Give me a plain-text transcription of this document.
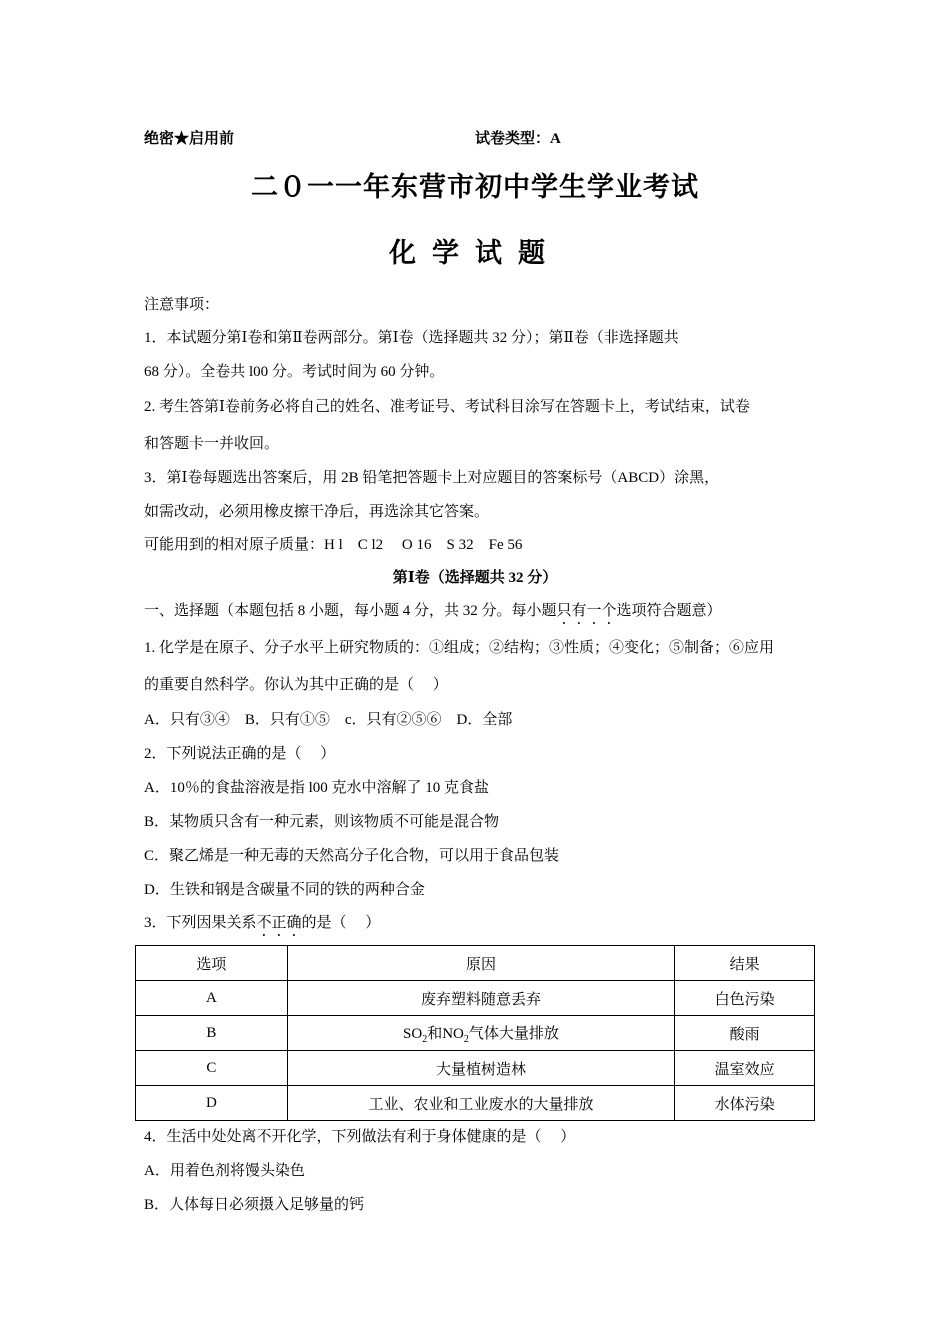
绝密★启用前	试卷类型：A
二０一一年东营市初中学生学业考试
化学试题
注意事项：
1．本试题分第Ⅰ卷和第Ⅱ卷两部分。第Ⅰ卷（选择题共 32 分）；第Ⅱ卷（非选择题共
68 分）。全卷共 l00 分。考试时间为 60 分钟。
2. 考生答第Ⅰ卷前务必将自己的姓名、准考证号、考试科目涂写在答题卡上，考试结束，试卷
和答题卡一并收回。
3．第Ⅰ卷每题选出答案后，用 2B 铅笔把答题卡上对应题目的答案标号（ABCD）涂黑，
如需改动，必须用橡皮擦干净后，再选涂其它答案。
可能用到的相对原子质量：H l　C l2　 O 16　S 32　Fe 56
第Ⅰ卷（选择题共 32 分）
一、选择题（本题包括 8 小题，每小题 4 分，共 32 分。每小题只有一个选项符合题意）
1. 化学是在原子、分子水平上研究物质的：①组成；②结构；③性质；④变化；⑤制备；⑥应用
的重要自然科学。你认为其中正确的是（　 ）
A．只有③④　B．只有①⑤　c．只有②⑤⑥　D．全部
2．下列说法正确的是（　 ）
A．10％的食盐溶液是指 l00 克水中溶解了 10 克食盐
B．某物质只含有一种元素，则该物质不可能是混合物
C．聚乙烯是一种无毒的天然高分子化合物，可以用于食品包装
D．生铁和钢是含碳量不同的铁的两种合金
3．下列因果关系不正确的是（　 ）
选项	原因	结果
A	废弃塑料随意丢弃	白色污染
B	$SO_2$和$NO_2$气体大量排放	酸雨
C	大量植树造林	温室效应
D	工业、农业和工业废水的大量排放	水体污染
4．生活中处处离不开化学，下列做法有利于身体健康的是（　 ）
A．用着色剂将馒头染色
B．人体每日必须摄入足够量的钙
